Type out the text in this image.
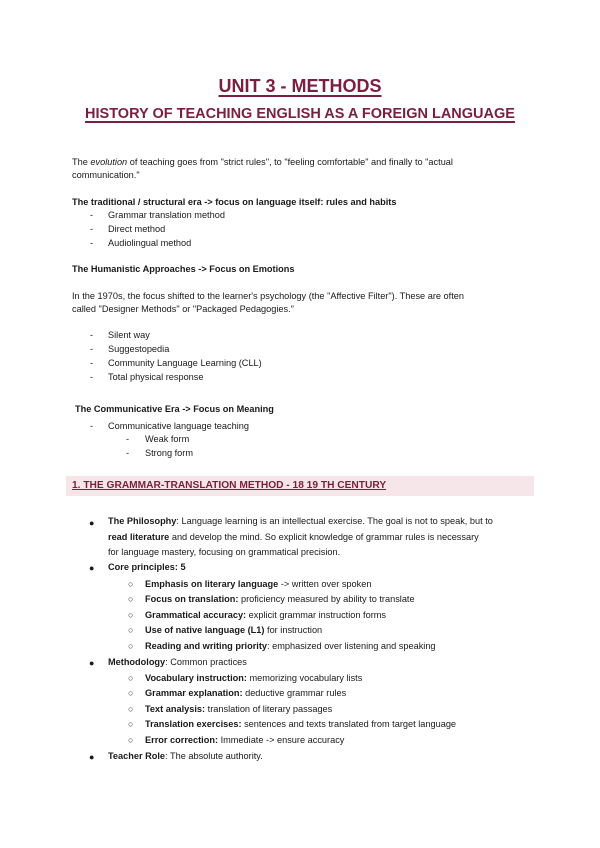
UNIT 3 - METHODS
HISTORY OF TEACHING ENGLISH AS A FOREIGN LANGUAGE
The evolution of teaching goes from "strict rules", to "feeling comfortable" and finally to "actual
communication."
The traditional / structural era -> focus on language itself: rules and habits
- Grammar translation method
- Direct method
- Audiolingual method
The Humanistic Approaches -> Focus on Emotions
In the 1970s, the focus shifted to the learner's psychology (the "Affective Filter"). These are often
called "Designer Methods" or "Packaged Pedagogies."
- Silent way
- Suggestopedia
- Community Language Learning (CLL)
- Total physical response
The Communicative Era -> Focus on Meaning
- Communicative language teaching
- Weak form
- Strong form
1. THE GRAMMAR-TRANSLATION METHOD - 18 19 TH CENTURY
● The Philosophy: Language learning is an intellectual exercise. The goal is not to speak, but to
read literature and develop the mind. So explicit knowledge of grammar rules is necessary
for language mastery, focusing on grammatical precision.
● Core principles: 5
○ Emphasis on literary language -> written over spoken
○ Focus on translation: proficiency measured by ability to translate
○ Grammatical accuracy: explicit grammar instruction forms
○ Use of native language (L1) for instruction
○ Reading and writing priority: emphasized over listening and speaking
● Methodology: Common practices
○ Vocabulary instruction: memorizing vocabulary lists
○ Grammar explanation: deductive grammar rules
○ Text analysis: translation of literary passages
○ Translation exercises: sentences and texts translated from target language
○ Error correction: Immediate -> ensure accuracy
● Teacher Role: The absolute authority.
